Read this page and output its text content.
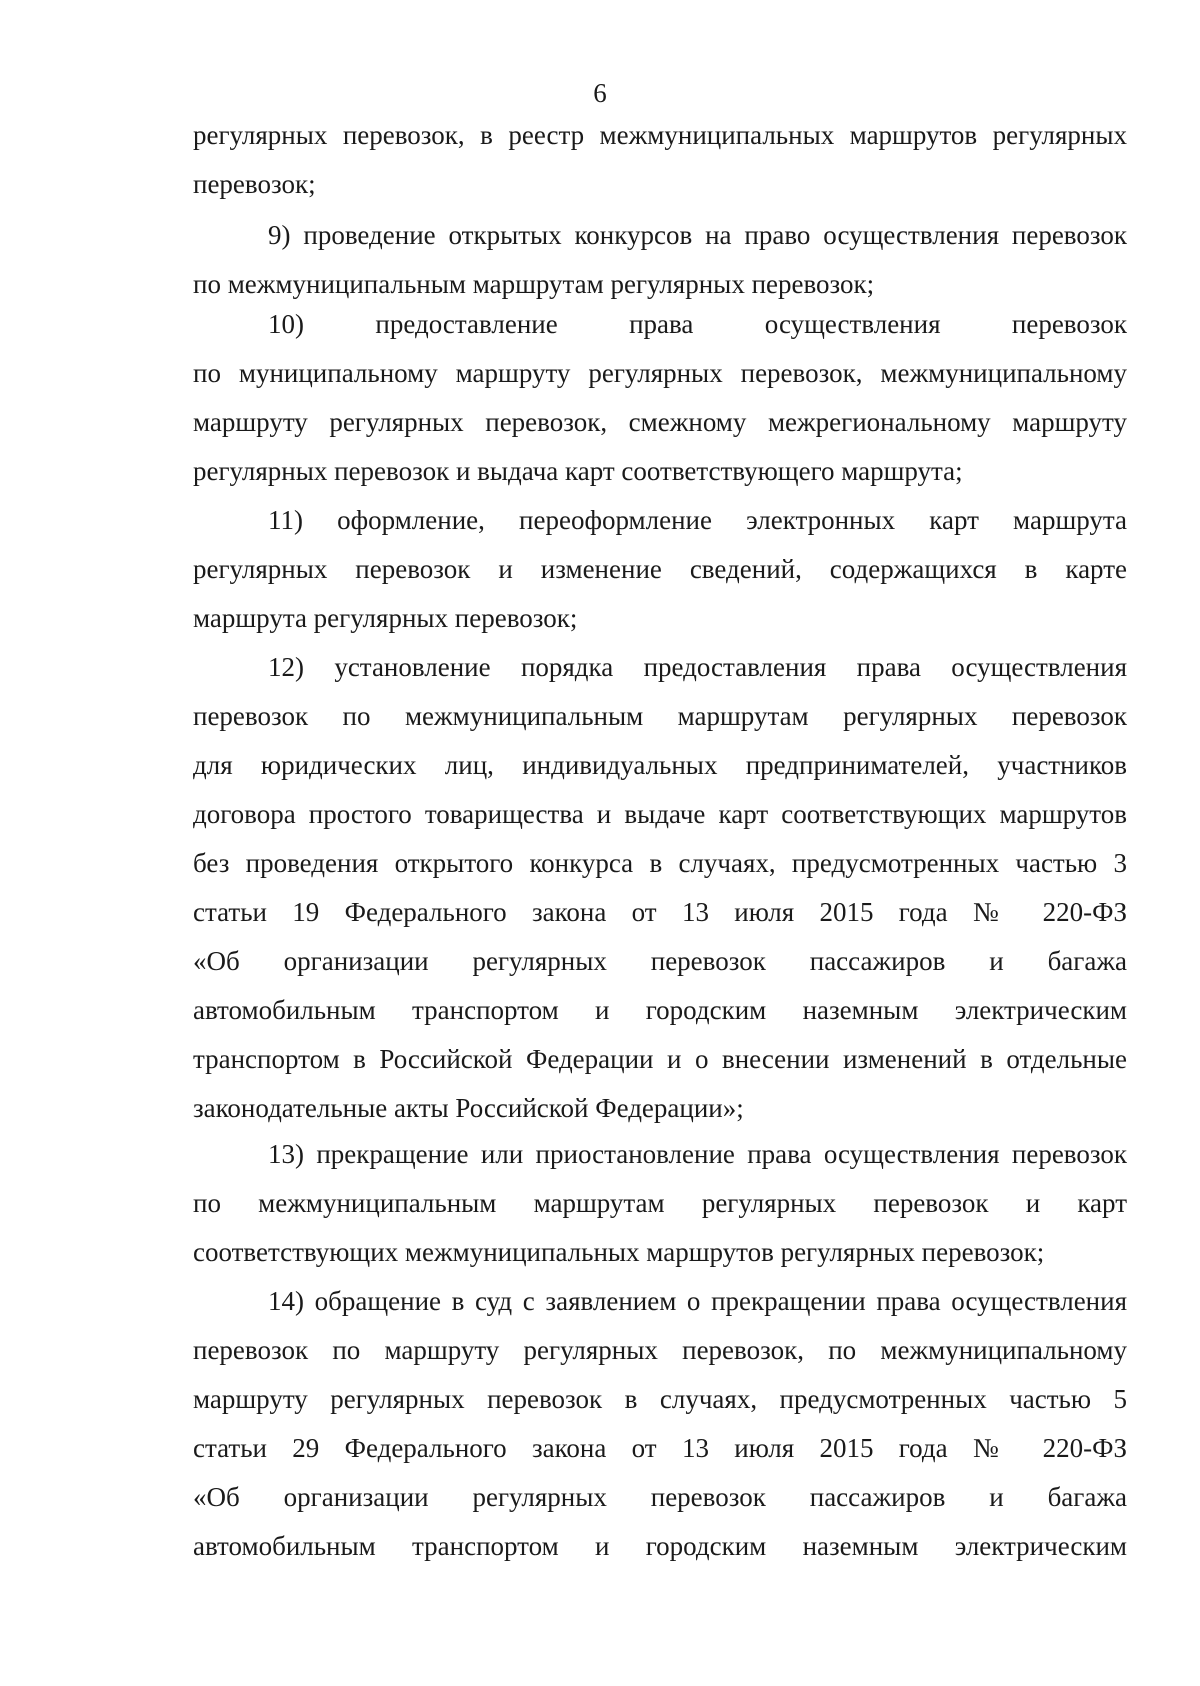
6
регулярных перевозок, в реестр межмуниципальных маршрутов регулярных
перевозок;
9) проведение открытых конкурсов на право осуществления перевозок
по межмуниципальным маршрутам регулярных перевозок;
10) предоставление права осуществления перевозок
по муниципальному маршруту регулярных перевозок, межмуниципальному
маршруту регулярных перевозок, смежному межрегиональному маршруту
регулярных перевозок и выдача карт соответствующего маршрута;
11) оформление, переоформление электронных карт маршрута
регулярных перевозок и изменение сведений, содержащихся в карте
маршрута регулярных перевозок;
12) установление порядка предоставления права осуществления
перевозок по межмуниципальным маршрутам регулярных перевозок
для юридических лиц, индивидуальных предпринимателей, участников
договора простого товарищества и выдаче карт соответствующих маршрутов
без проведения открытого конкурса в случаях, предусмотренных частью 3
статьи 19 Федерального закона от 13 июля 2015 года № 220-ФЗ
«Об организации регулярных перевозок пассажиров и багажа
автомобильным транспортом и городским наземным электрическим
транспортом в Российской Федерации и о внесении изменений в отдельные
законодательные акты Российской Федерации»;
13) прекращение или приостановление права осуществления перевозок
по межмуниципальным маршрутам регулярных перевозок и карт
соответствующих межмуниципальных маршрутов регулярных перевозок;
14) обращение в суд с заявлением о прекращении права осуществления
перевозок по маршруту регулярных перевозок, по межмуниципальному
маршруту регулярных перевозок в случаях, предусмотренных частью 5
статьи 29 Федерального закона от 13 июля 2015 года № 220-ФЗ
«Об организации регулярных перевозок пассажиров и багажа
автомобильным транспортом и городским наземным электрическим
